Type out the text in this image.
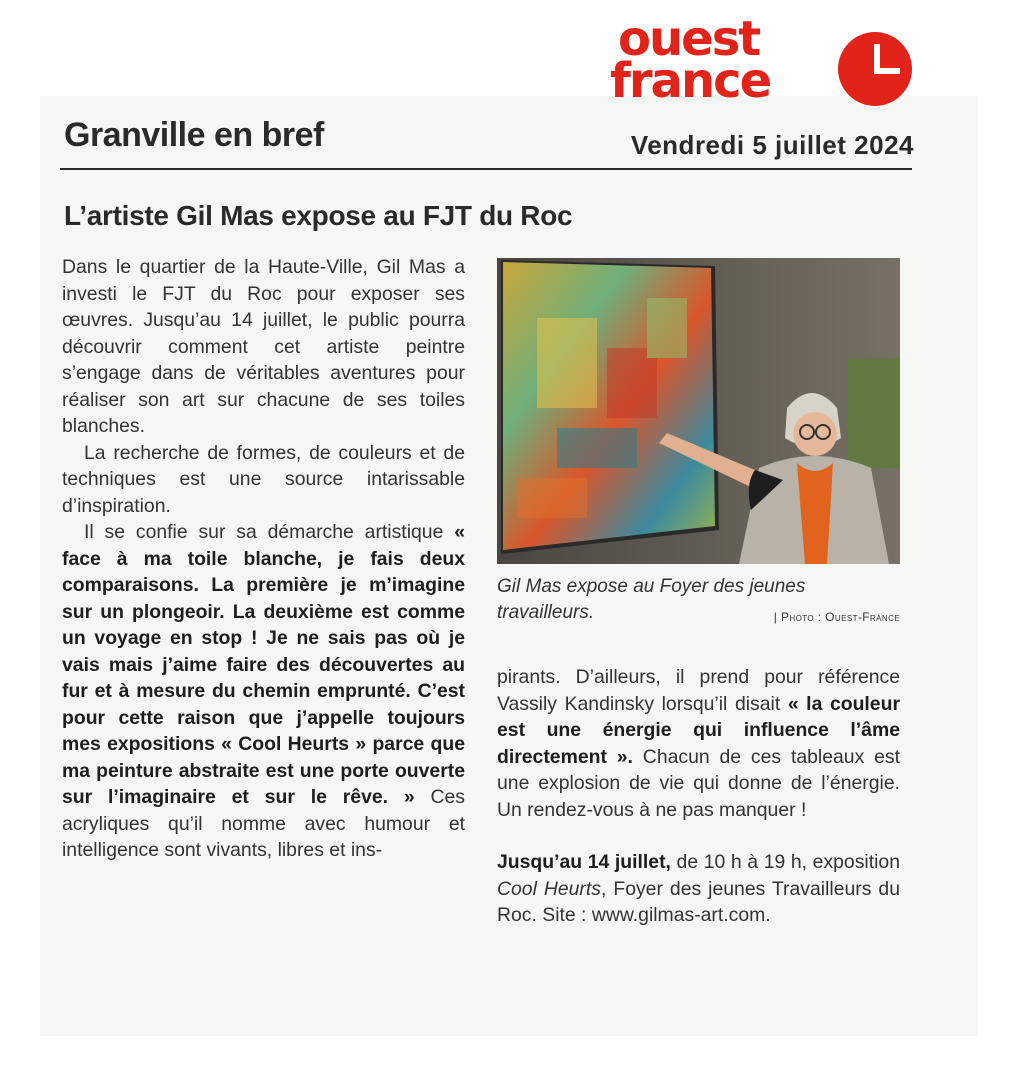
ouest
france
Granville en bref	Vendredi 5 juillet 2024
L’artiste Gil Mas expose au FJT du Roc

Dans le quartier de la Haute-Ville, Gil Mas a investi le FJT du Roc pour exposer ses œuvres. Jusqu’au 14 juillet, le public pourra découvrir comment cet artiste peintre s’engage dans de véritables aventures pour réaliser son art sur chacune de ses toiles blanches.

La recherche de formes, de couleurs et de techniques est une source intarissable d’inspiration.

Il se confie sur sa démarche artistique « face à ma toile blanche, je fais deux comparaisons. La première je m’imagine sur un plongeoir. La deuxième est comme un voyage en stop ! Je ne sais pas où je vais mais j’aime faire des découvertes au fur et à mesure du chemin emprunté. C’est pour cette raison que j’appelle toujours mes expositions « Cool Heurts » parce que ma peinture abstraite est une porte ouverte sur l’imaginaire et sur le rêve. » Ces acryliques qu’il nomme avec humour et intelligence sont vivants, libres et ins-

Gil Mas expose au Foyer des jeunes travailleurs.	| Photo : Ouest-France

pirants. D’ailleurs, il prend pour référence Vassily Kandinsky lorsqu’il disait « la couleur est une énergie qui influence l’âme directement ». Chacun de ces tableaux est une explosion de vie qui donne de l’énergie. Un rendez-vous à ne pas manquer !

Jusqu’au 14 juillet, de 10 h à 19 h, exposition Cool Heurts, Foyer des jeunes Travailleurs du Roc. Site : www.gilmas-art.com.
